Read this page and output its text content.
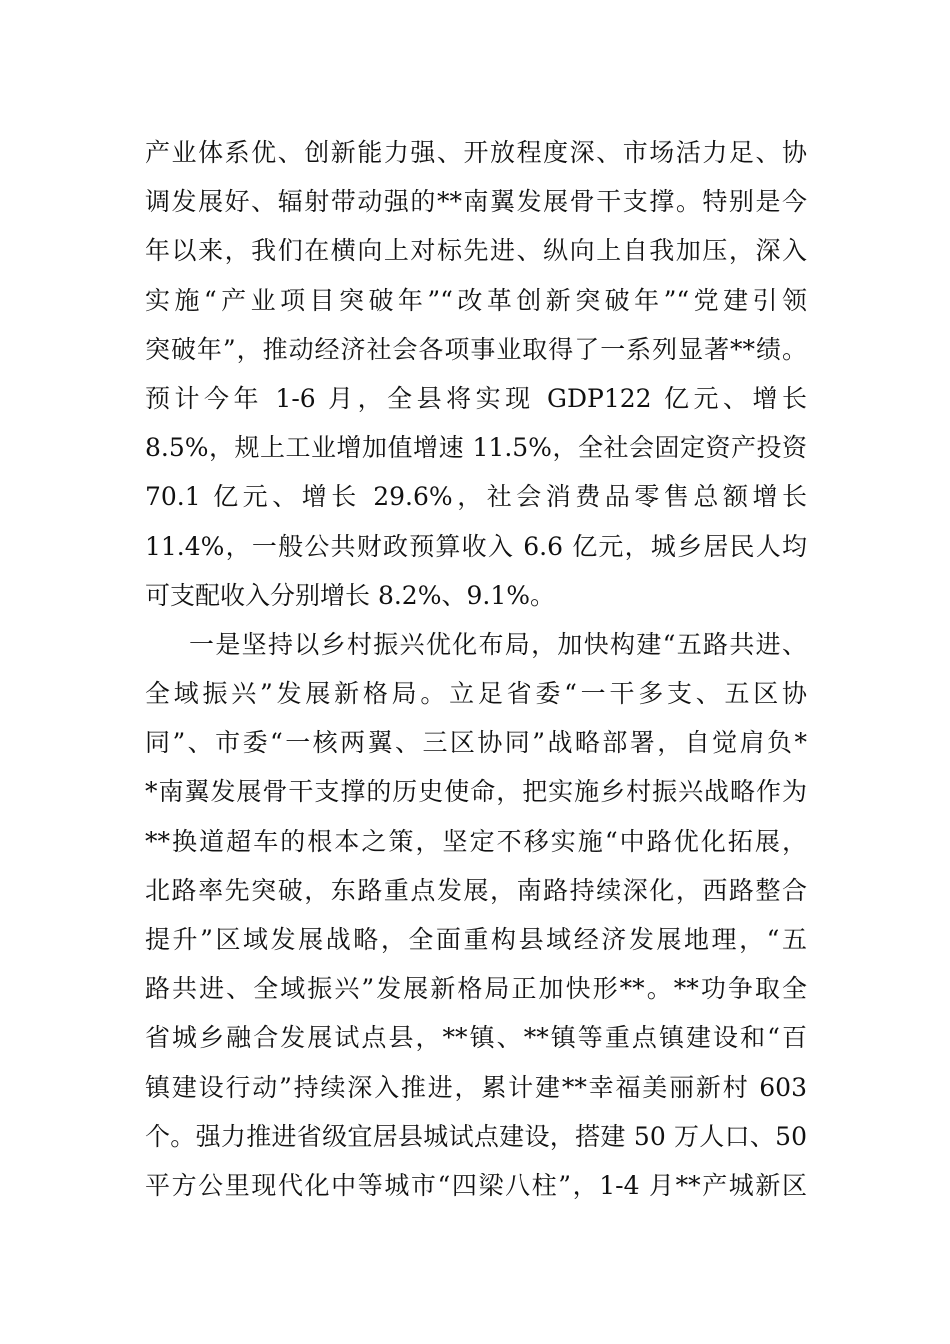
产业体系优、创新能力强、开放程度深、市场活力足、协
调发展好、辐射带动强的**南翼发展骨干支撑。特别是今
年以来，我们在横向上对标先进、纵向上自我加压，深入
实施“产业项目突破年”“改革创新突破年”“党建引领
突破年”，推动经济社会各项事业取得了一系列显著**绩。
预计今年 1-6 月，全县将实现 GDP122 亿元、增长
8.5%，规上工业增加值增速 11.5%，全社会固定资产投资
70.1 亿元、增长 29.6%，社会消费品零售总额增长
11.4%，一般公共财政预算收入 6.6 亿元，城乡居民人均
可支配收入分别增长 8.2%、9.1%。
一是坚持以乡村振兴优化布局，加快构建“五路共进、
全域振兴”发展新格局。立足省委“一干多支、五区协
同”、市委“一核两翼、三区协同”战略部署，自觉肩负*
*南翼发展骨干支撑的历史使命，把实施乡村振兴战略作为
**换道超车的根本之策，坚定不移实施“中路优化拓展，
北路率先突破，东路重点发展，南路持续深化，西路整合
提升”区域发展战略，全面重构县域经济发展地理，“五
路共进、全域振兴”发展新格局正加快形**。**功争取全
省城乡融合发展试点县，**镇、**镇等重点镇建设和“百
镇建设行动”持续深入推进，累计建**幸福美丽新村 603
个。强力推进省级宜居县城试点建设，搭建 50 万人口、50
平方公里现代化中等城市“四梁八柱”，1-4 月**产城新区
